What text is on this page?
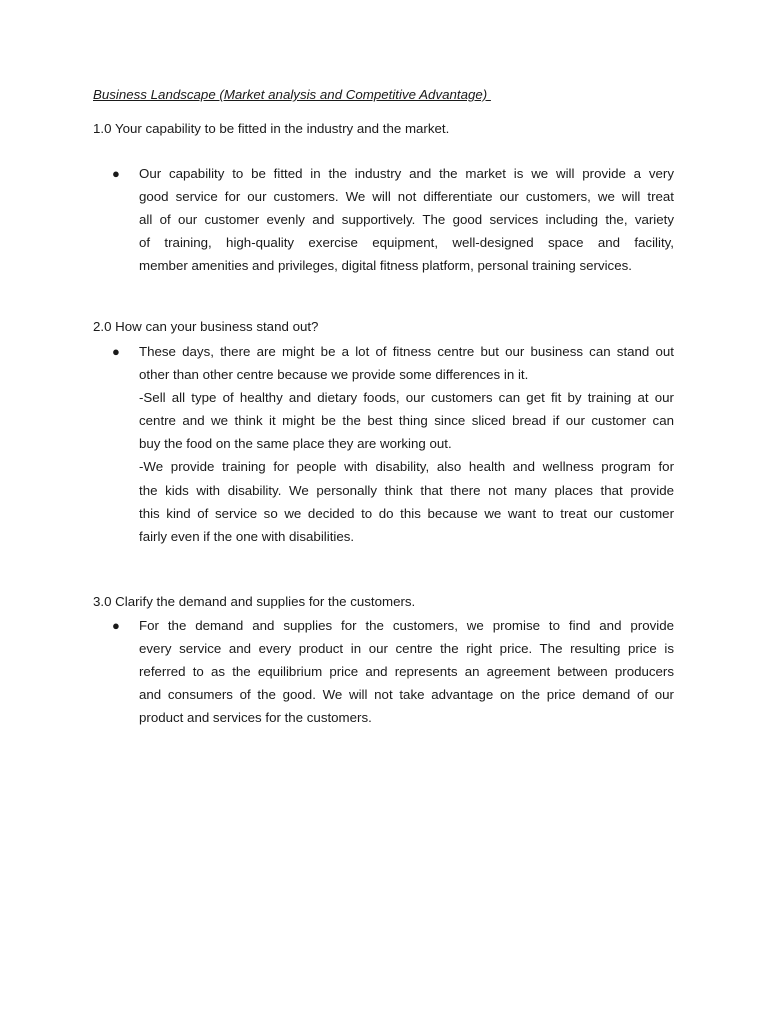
Business Landscape (Market analysis and Competitive Advantage)
1.0 Your capability to be fitted in the industry and the market.
● Our capability to be fitted in the industry and the market is we will provide a very
good service for our customers. We will not differentiate our customers, we will treat
all of our customer evenly and supportively. The good services including the, variety
of training, high-quality exercise equipment, well-designed space and facility,
member amenities and privileges, digital fitness platform, personal training services.
2.0 How can your business stand out?
● These days, there are might be a lot of fitness centre but our business can stand out
other than other centre because we provide some differences in it.
-Sell all type of healthy and dietary foods, our customers can get fit by training at our
centre and we think it might be the best thing since sliced bread if our customer can
buy the food on the same place they are working out.
-We provide training for people with disability, also health and wellness program for
the kids with disability. We personally think that there not many places that provide
this kind of service so we decided to do this because we want to treat our customer
fairly even if the one with disabilities.
3.0 Clarify the demand and supplies for the customers.
● For the demand and supplies for the customers, we promise to find and provide
every service and every product in our centre the right price. The resulting price is
referred to as the equilibrium price and represents an agreement between producers
and consumers of the good. We will not take advantage on the price demand of our
product and services for the customers.
